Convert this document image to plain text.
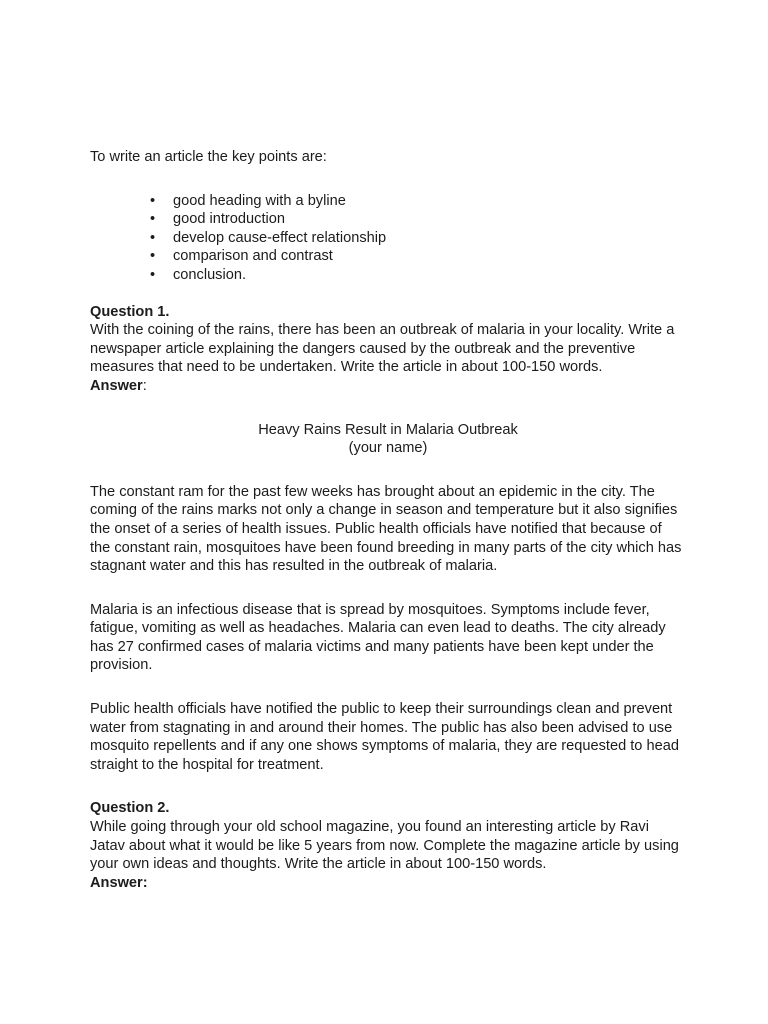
To write an article the key points are:

• good heading with a byline
• good introduction
• develop cause-effect relationship
• comparison and contrast
• conclusion.

Question 1.

With the coining of the rains, there has been an outbreak of malaria in your locality. Write a newspaper article explaining the dangers caused by the outbreak and the preventive measures that need to be undertaken. Write the article in about 100-150 words.

Answer:

Heavy Rains Result in Malaria Outbreak

(your name)

The constant ram for the past few weeks has brought about an epidemic in the city. The coming of the rains marks not only a change in season and temperature but it also signifies the onset of a series of health issues. Public health officials have notified that because of the constant rain, mosquitoes have been found breeding in many parts of the city which has stagnant water and this has resulted in the outbreak of malaria.

Malaria is an infectious disease that is spread by mosquitoes. Symptoms include fever, fatigue, vomiting as well as headaches. Malaria can even lead to deaths. The city already has 27 confirmed cases of malaria victims and many patients have been kept under the provision.

Public health officials have notified the public to keep their surroundings clean and prevent water from stagnating in and around their homes. The public has also been advised to use mosquito repellents and if any one shows symptoms of malaria, they are requested to head straight to the hospital for treatment.

Question 2.

While going through your old school magazine, you found an interesting article by Ravi Jatav about what it would be like 5 years from now. Complete the magazine article by using your own ideas and thoughts. Write the article in about 100-150 words.

Answer:
